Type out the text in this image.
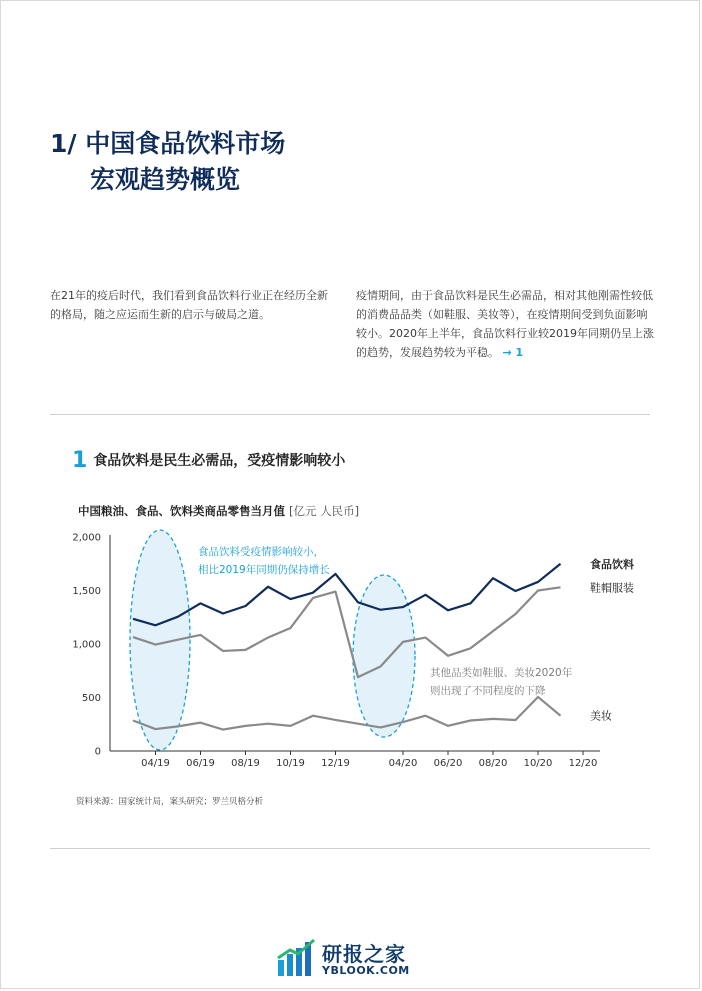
1/ 中国食品饮料市场
宏观趋势概览
在21年的疫后时代，我们看到食品饮料行业正在经历全新的格局，随之应运而生新的启示与破局之道。
疫情期间，由于食品饮料是民生必需品，相对其他刚需性较低的消费品品类（如鞋服、美妆等），在疫情期间受到负面影响较小。2020年上半年，食品饮料行业较2019年同期仍呈上涨的趋势，发展趋势较为平稳。 → 1
1 食品饮料是民生必需品，受疫情影响较小
中国粮油、食品、饮料类商品零售当月值 [亿元 人民币]
0
500
1,000
1,500
2,000
04/19 06/19 08/19 10/19 12/19	04/20 06/20 08/20 10/20 12/20
食品饮料
鞋帽服装
美妆
食品饮料受疫情影响较小，
相比2019年同期仍保持增长
其他品类如鞋服、美妆2020年
则出现了不同程度的下降
资料来源：国家统计局，案头研究；罗兰贝格分析
研报之家
YBLOOK.COM
